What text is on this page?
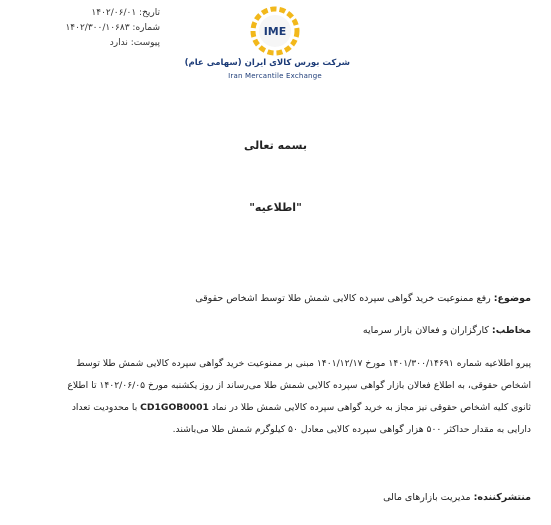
تاریخ: ۱۴۰۲/۰۶/۰۱
شماره: ۱۴۰۲/۳۰۰/۱۰۶۸۳
پیوست: ندارد
IME
شرکت بورس کالای ایران (سهامی عام)
Iran Mercantile Exchange
بسمه تعالی
"اطلاعیه"
موضوع: رفع ممنوعیت خرید گواهی سپرده کالایی شمش طلا توسط اشخاص حقوقی
مخاطب: کارگزاران و فعالان بازار سرمایه
پیرو اطلاعیه شماره ۱۴۰۱/۳۰۰/۱۴۶۹۱ مورخ ۱۴۰۱/۱۲/۱۷ مبنی بر ممنوعیت خرید گواهی سپرده کالایی شمش طلا توسط
اشخاص حقوقی، به اطلاع فعالان بازار گواهی سپرده کالایی شمش طلا می‌رساند از روز یکشنبه مورخ ۱۴۰۲/۰۶/۰۵ تا اطلاع
ثانوی کلیه اشخاص حقوقی نیز مجاز به خرید گواهی سپرده کالایی شمش طلا در نماد CD1GOB0001 با محدودیت تعداد
دارایی به مقدار حداکثر ۵۰۰ هزار گواهی سپرده کالایی معادل ۵۰ کیلوگرم شمش طلا می‌باشند.
منتشرکننده: مدیریت بازارهای مالی
